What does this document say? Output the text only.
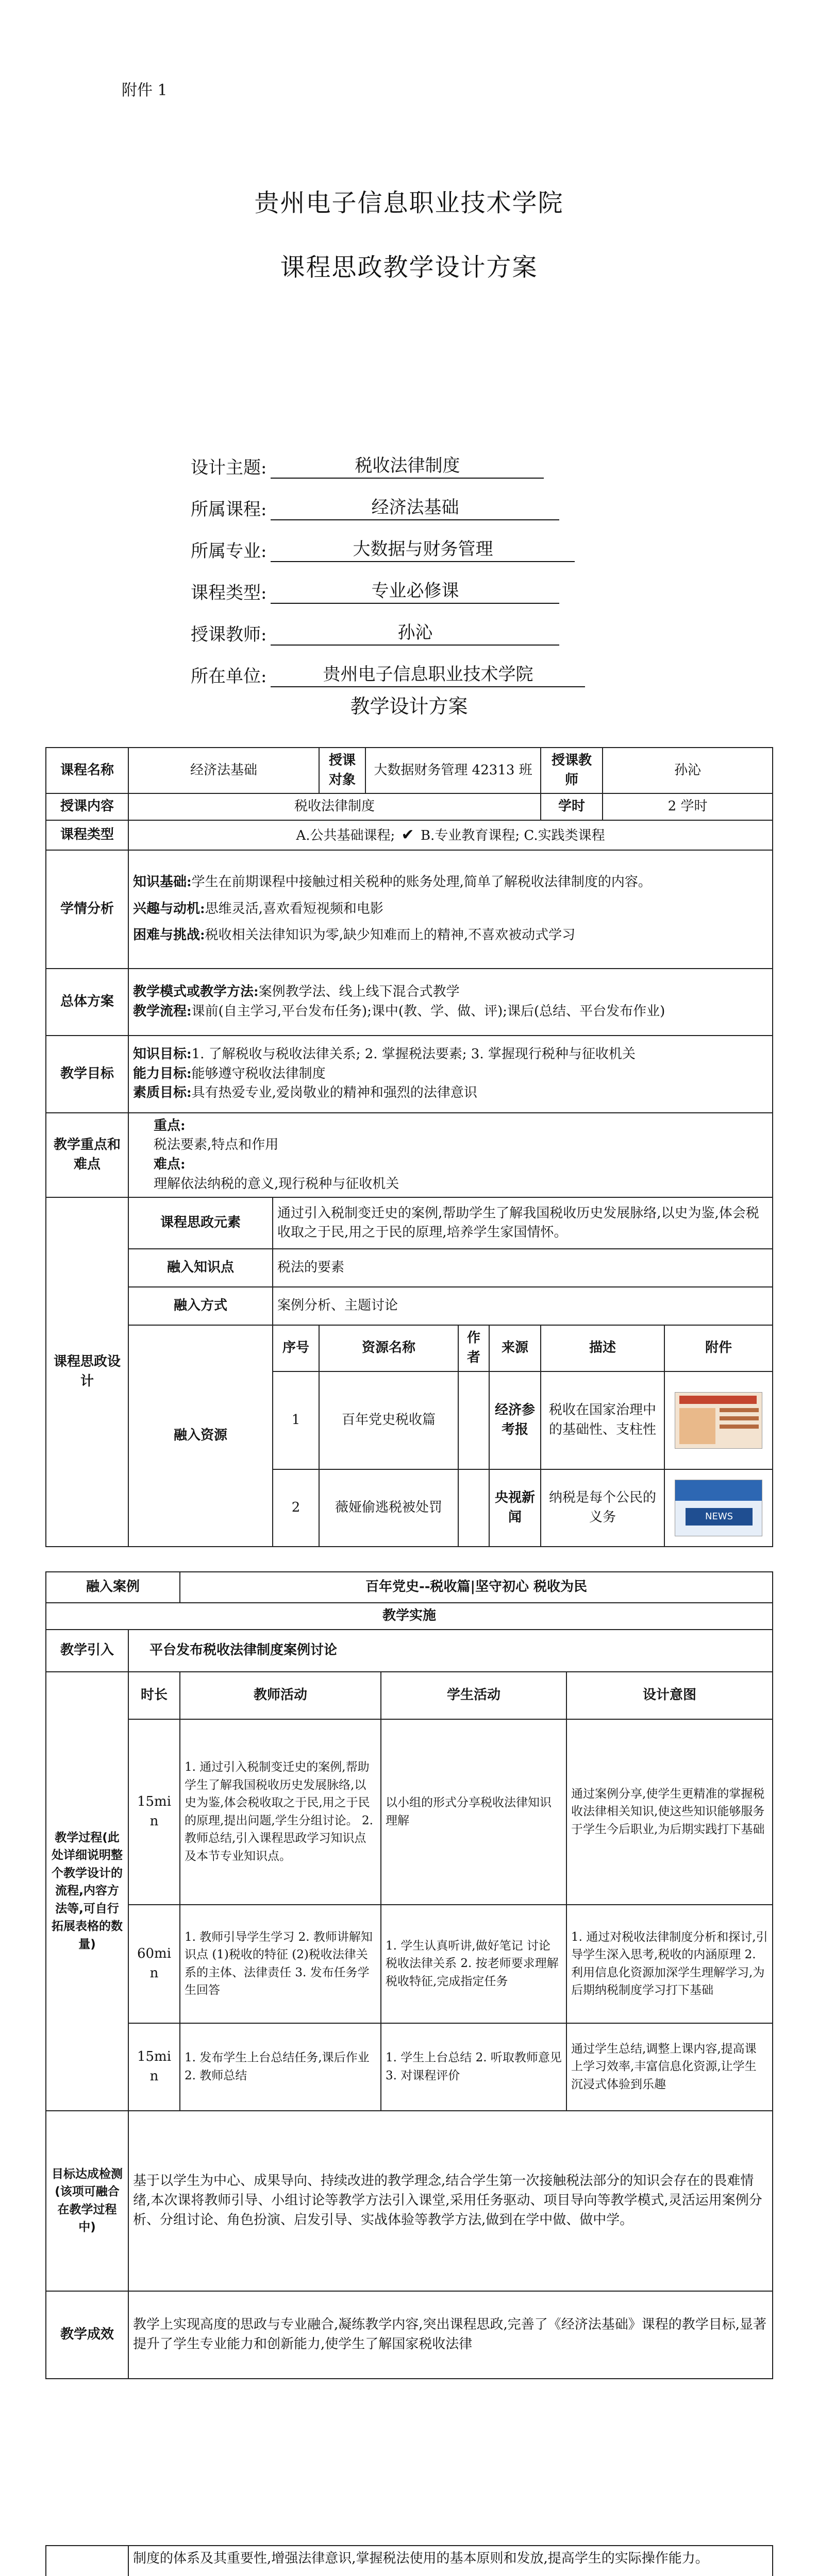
附件 1
贵州电子信息职业技术学院
课程思政教学设计方案
设计主题:	税收法律制度
所属课程:	经济法基础
所属专业:	大数据与财务管理
课程类型:	专业必修课
授课教师:	孙沁
所在单位:	贵州电子信息职业技术学院
教学设计方案
课程名称	经济法基础		授课对象	大数据财务管理 42313 班			授课教师	孙沁	
授课内容	税收法律制度						学时	2 学时	
课程类型	A.公共基础课程; ✔ B.专业教育课程; C.实践类课程								
学情分析	知识基础:学生在前期课程中接触过相关税种的账务处理,简单了解税收法律制度的内容。
兴趣与动机:思维灵活,喜欢看短视频和电影
困难与挑战:税收相关法律知识为零,缺少知难而上的精神,不喜欢被动式学习								

总体方案	教学模式或教学方法:案例教学法、线上线下混合式教学
教学流程:课前(自主学习,平台发布任务);课中(教、学、做、评);课后(总结、平台发布作业)								

教学目标	知识目标:1. 了解税收与税收法律关系; 2. 掌握税法要素; 3. 掌握现行税种与征收机关
能力目标:能够遵守税收法律制度
素质目标:具有热爱专业,爱岗敬业的精神和强烈的法律意识								

教学重点和难点	重点:
税法要素,特点和作用
难点:
理解依法纳税的意义,现行税种与征收机关								

课程思政设计	课程思政元素	通过引入税制变迁史的案例,帮助学生了解我国税收历史发展脉络,以史为鉴,体会税收取之于民,用之于民的原理,培养学生家国情怀。							
	融入知识点	税法的要素							
	融入方式	案例分析、主题讨论							
	融入资源	序号	资源名称		作者	来源	描述		附件
		1	百年党史税收篇			经济参考报	税收在国家治理中的基础性、支柱性		

		2	薇娅偷逃税被处罚			央视新闻	纳税是每个公民的义务		NEWS
融入案例		百年党史--税收篇|坚守初心 税收为民		
教学实施				
教学引入	平台发布税收法律制度案例讨论			
教学过程(此处详细说明整个教学设计的流程,内容方法等,可自行拓展表格的数量)	时长	教师活动	学生活动	设计意图
	15min	1. 通过引入税制变迁史的案例,帮助学生了解我国税收历史发展脉络,以史为鉴,体会税收取之于民,用之于民的原理,提出问题,学生分组讨论。 2. 教师总结,引入课程思政学习知识点及本节专业知识点。	以小组的形式分享税收法律知识理解	通过案例分享,使学生更精准的掌握税收法律相关知识,使这些知识能够服务于学生今后职业,为后期实践打下基础
	60min	1. 教师引导学生学习 2. 教师讲解知识点 (1)税收的特征 (2)税收法律关系的主体、法律责任 3. 发布任务学生回答	1. 学生认真听讲,做好笔记 讨论税收法律关系 2. 按老师要求理解税收特征,完成指定任务	1. 通过对税收法律制度分析和探讨,引导学生深入思考,税收的内涵原理 2. 利用信息化资源加深学生理解学习,为后期纳税制度学习打下基础
	15min	1. 发布学生上台总结任务,课后作业 2. 教师总结	1. 学生上台总结 2. 听取教师意见 3. 对课程评价	通过学生总结,调整上课内容,提高课上学习效率,丰富信息化资源,让学生沉浸式体验到乐趣
目标达成检测(该项可融合在教学过程中)	基于以学生为中心、成果导向、持续改进的教学理念,结合学生第一次接触税法部分的知识会存在的畏难情绪,本次课将教师引导、小组讨论等教学方法引入课堂,采用任务驱动、项目导向等教学模式,灵活运用案例分析、分组讨论、角色扮演、启发引导、实战体验等教学方法,做到在学中做、做中学。			
教学成效	教学上实现高度的思政与专业融合,凝练教学内容,突出课程思政,完善了《经济法基础》课程的教学目标,显著提升了学生专业能力和创新能力,使学生了解国家税收法律			
	制度的体系及其重要性,增强法律意识,掌握税法使用的基本原则和发放,提高学生的实际操作能力。
